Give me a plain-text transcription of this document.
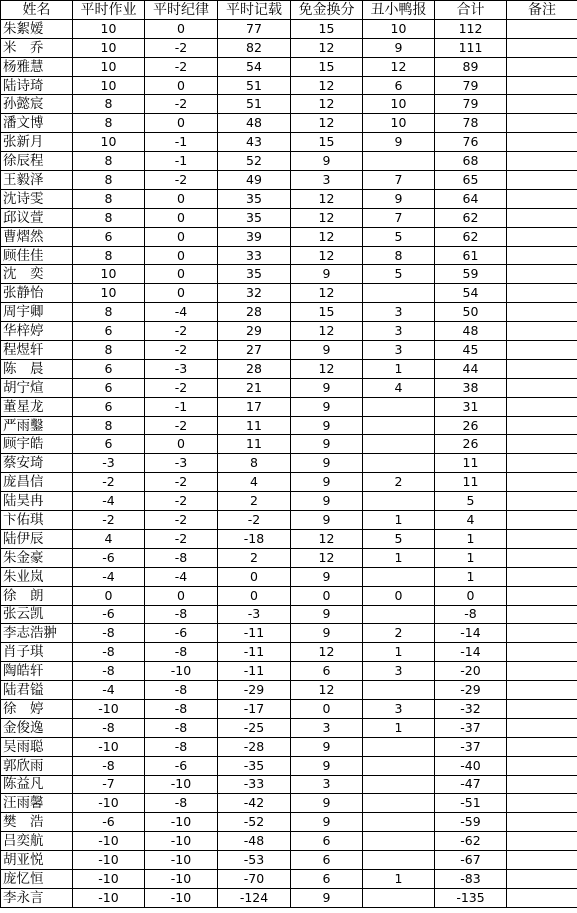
姓名	平时作业	平时纪律	平时记载	免金换分	丑小鸭报	合计	备注
朱絮嫒	10	0	77	15	10	112	
米　乔	10	-2	82	12	9	111	
杨雅慧	10	-2	54	15	12	89	
陆诗琦	10	0	51	12	6	79	
孙懿宸	8	-2	51	12	10	79	
潘文博	8	0	48	12	10	78	
张新月	10	-1	43	15	9	76	
徐辰程	8	-1	52	9		68	
王毅泽	8	-2	49	3	7	65	
沈诗雯	8	0	35	12	9	64	
邱议萱	8	0	35	12	7	62	
曹熠然	6	0	39	12	5	62	
顾佳佳	8	0	33	12	8	61	
沈　奕	10	0	35	9	5	59	
张静怡	10	0	32	12		54	
周宇卿	8	-4	28	15	3	50	
华梓婷	6	-2	29	12	3	48	
程煜轩	8	-2	27	9	3	45	
陈　晨	6	-3	28	12	1	44	
胡宁煊	6	-2	21	9	4	38	
董星龙	6	-1	17	9		31	
严雨鑿	8	-2	11	9		26	
顾宇皓	6	0	11	9		26	
蔡安琦	-3	-3	8	9		11	
庞昌信	-2	-2	4	9	2	11	
陆昊冉	-4	-2	2	9		5	
卞佑琪	-2	-2	-2	9	1	4	
陆伊辰	4	-2	-18	12	5	1	
朱金豪	-6	-8	2	12	1	1	
朱业岚	-4	-4	0	9		1	
徐　朗	0	0	0	0	0	0	
张云凯	-6	-8	-3	9		-8	
李志浩翀	-8	-6	-11	9	2	-14	
肖子琪	-8	-8	-11	12	1	-14	
陶皓轩	-8	-10	-11	6	3	-20	
陆君镒	-4	-8	-29	12		-29	
徐　婷	-10	-8	-17	0	3	-32	
金俊逸	-8	-8	-25	3	1	-37	
吴雨聪	-10	-8	-28	9		-37	
郭欣雨	-8	-6	-35	9		-40	
陈益凡	-7	-10	-33	3		-47	
汪雨馨	-10	-8	-42	9		-51	
樊　浩	-6	-10	-52	9		-59	
吕奕航	-10	-10	-48	6		-62	
胡亚悦	-10	-10	-53	6		-67	
庞忆恒	-10	-10	-70	6	1	-83	
李永言	-10	-10	-124	9		-135	
